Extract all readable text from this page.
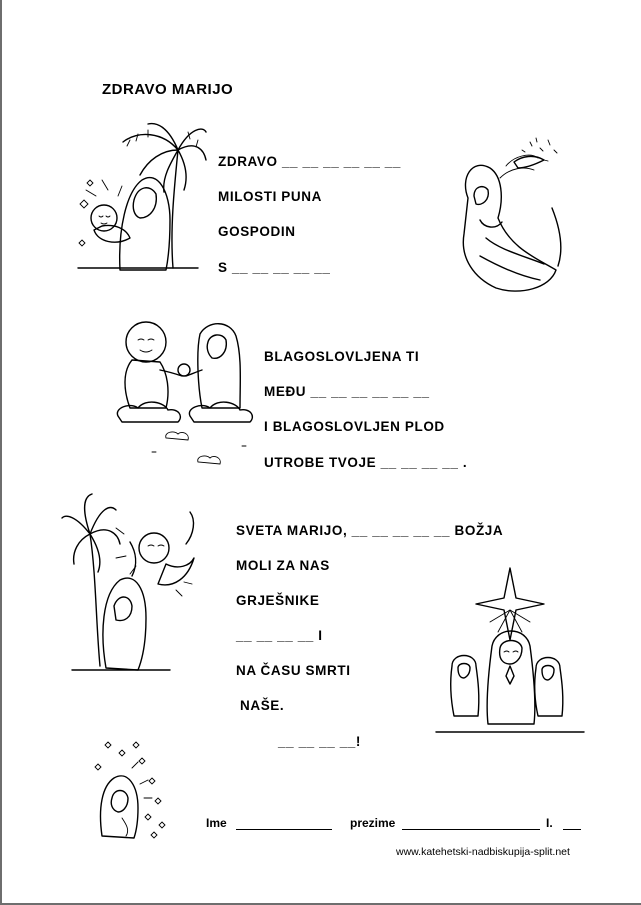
ZDRAVO MARIJO
ZDRAVO __ __ __ __ __ __
MILOSTI PUNA
GOSPODIN
S __ __ __ __ __
BLAGOSLOVLJENA TI
MEĐU __ __ __ __ __ __
I BLAGOSLOVLJEN PLOD
UTROBE TVOJE __ __ __ __ .
SVETA MARIJO, __ __ __ __ __ BOŽJA
MOLI ZA NAS
GRJEŠNIKE
__ __ __ __ I
NA ČASU SMRTI
NAŠE.
__ __ __ __!
Ime	prezime	I.
www.katehetski-nadbiskupija-split.net
